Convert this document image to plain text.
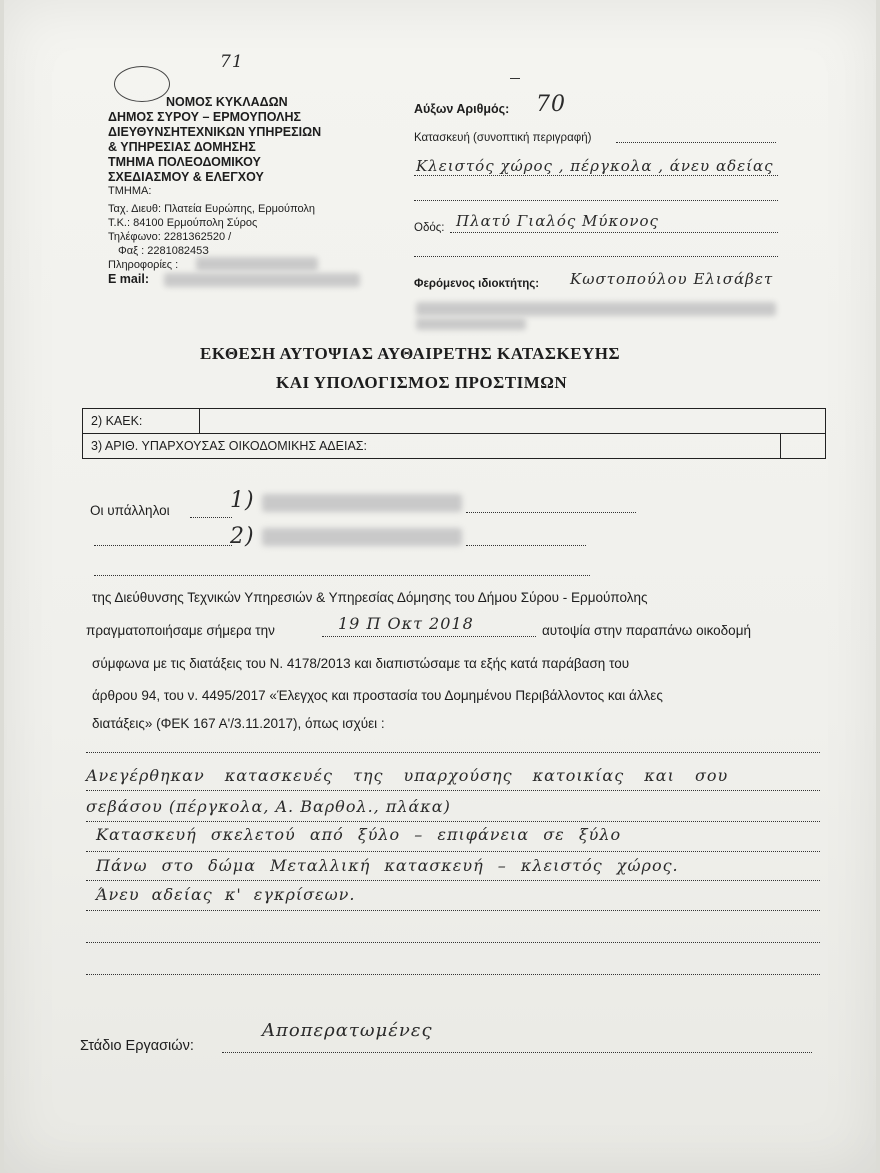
71
ΝΟΜΟΣ ΚΥΚΛΑΔΩΝ
ΔΗΜΟΣ ΣΥΡΟΥ – ΕΡΜΟΥΠΟΛΗΣ
ΔΙΕΥΘΥΝΣΗΤΕΧΝΙΚΩΝ ΥΠΗΡΕΣΙΩΝ
& ΥΠΗΡΕΣΙΑΣ ΔΟΜΗΣΗΣ
ΤΜΗΜΑ ΠΟΛΕΟΔΟΜΙΚΟΥ
ΣΧΕΔΙΑΣΜΟΥ & ΕΛΕΓΧΟΥ
ΤΜΗΜΑ:
Ταχ. Διευθ: Πλατεία Ευρώπης, Ερμούπολη
Τ.Κ.: 84100 Ερμούπολη Σύρος
Τηλέφωνο: 2281362520 /
Φαξ : 228108245З
Πληροφορίες :
E mail:
Αύξων Αριθμός: 70
Κατασκευή (συνοπτική περιγραφή)
Κλειστός χώρος , πέργκολα , άνευ αδείας
Οδός: Πλατύ Γιαλός Μύκονος
Φερόμενος ιδιοκτήτης: Κωστοπούλου Ελισάβετ
ΕΚΘΕΣΗ ΑΥΤΟΨΙΑΣ ΑΥΘΑΙΡΕΤΗΣ ΚΑΤΑΣΚΕΥΗΣ
ΚΑΙ ΥΠΟΛΟΓΙΣΜΟΣ ΠΡΟΣΤΙΜΩΝ
2) ΚΑΕΚ:		
3) ΑΡΙΘ. ΥΠΑΡΧΟΥΣΑΣ ΟΙΚΟΔΟΜΙΚΗΣ ΑΔΕΙΑΣ:		
Οι υπάλληλοι	1)
2)
της Διεύθυνσης Τεχνικών Υπηρεσιών & Υπηρεσίας Δόμησης του Δήμου Σύρου - Ερμούπολης
πραγματοποιήσαμε σήμερα την	19 Π Οκτ 2018	αυτοψία στην παραπάνω οικοδομή
σύμφωνα με τις διατάξεις του Ν. 4178/2013 και διαπιστώσαμε τα εξής κατά παράβαση του
άρθρου 94, του ν. 4495/2017 «Έλεγχος και προστασία του Δομημένου Περιβάλλοντος και άλλες
διατάξεις» (ΦΕΚ 167 Α'/3.11.2017), όπως ισχύει :
Ανεγέρθηκαν κατασκευές της υπαρχούσης κατοικίας και σου
σεβάσου (πέργκολα, Α. Βαρθολ., πλάκα)
Κατασκευή σκελετού από ξύλο – επιφάνεια σε ξύλο
Πάνω στο δώμα Μεταλλική κατασκευή – κλειστός χώρος.
Άνευ αδείας κ' εγκρίσεων.
Στάδιο Εργασιών:
Αποπερατωμένες
